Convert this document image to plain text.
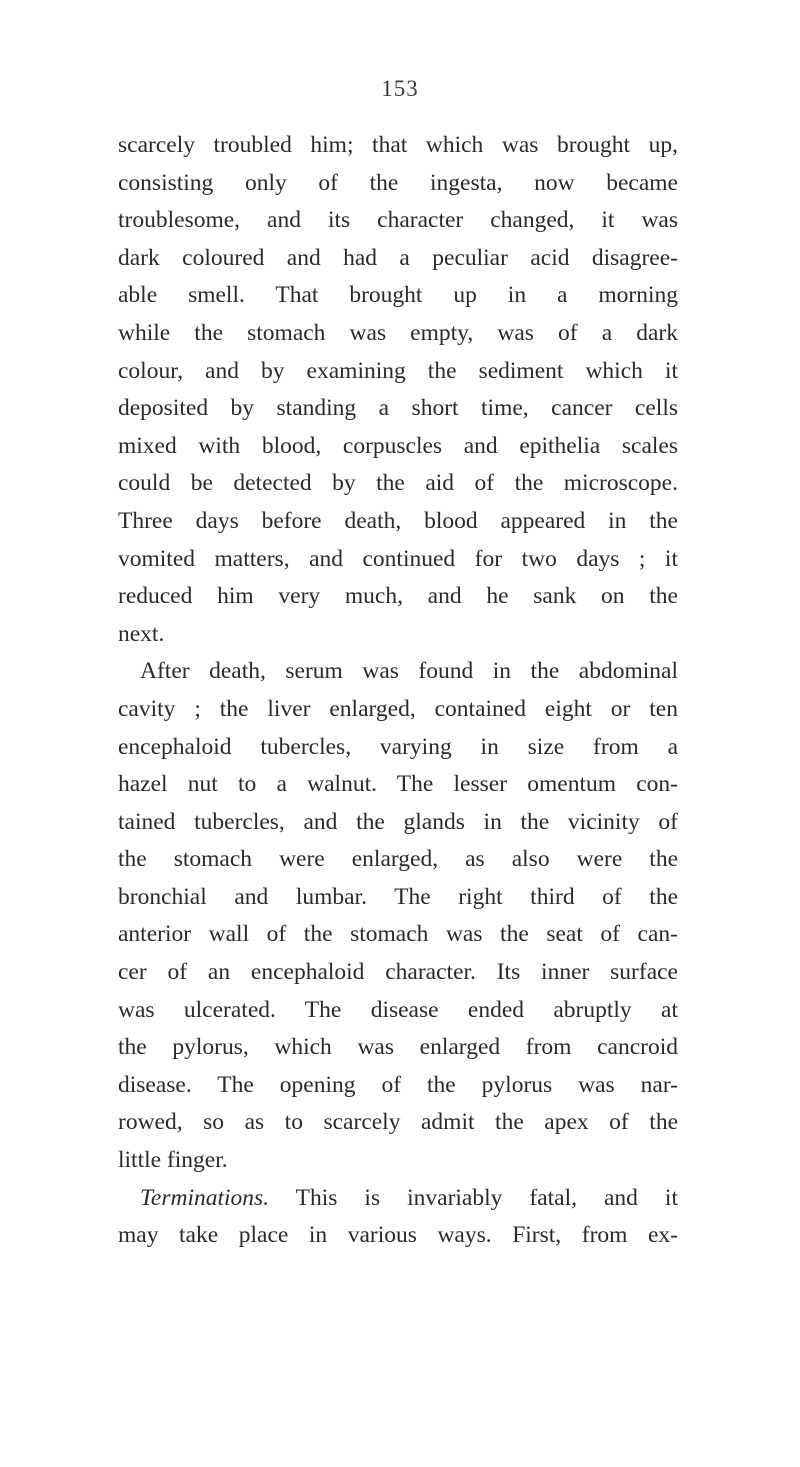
153
scarcely troubled him; that which was brought up,
consisting only of the ingesta, now became
troublesome, and its character changed, it was
dark coloured and had a peculiar acid disagree-
able smell. That brought up in a morning
while the stomach was empty, was of a dark
colour, and by examining the sediment which it
deposited by standing a short time, cancer cells
mixed with blood, corpuscles and epithelia scales
could be detected by the aid of the microscope.
Three days before death, blood appeared in the
vomited matters, and continued for two days ; it
reduced him very much, and he sank on the
next.
After death, serum was found in the abdominal
cavity ; the liver enlarged, contained eight or ten
encephaloid tubercles, varying in size from a
hazel nut to a walnut. The lesser omentum con-
tained tubercles, and the glands in the vicinity of
the stomach were enlarged, as also were the
bronchial and lumbar. The right third of the
anterior wall of the stomach was the seat of can-
cer of an encephaloid character. Its inner surface
was ulcerated. The disease ended abruptly at
the pylorus, which was enlarged from cancroid
disease. The opening of the pylorus was nar-
rowed, so as to scarcely admit the apex of the
little finger.
Terminations. This is invariably fatal, and it
may take place in various ways. First, from ex-
